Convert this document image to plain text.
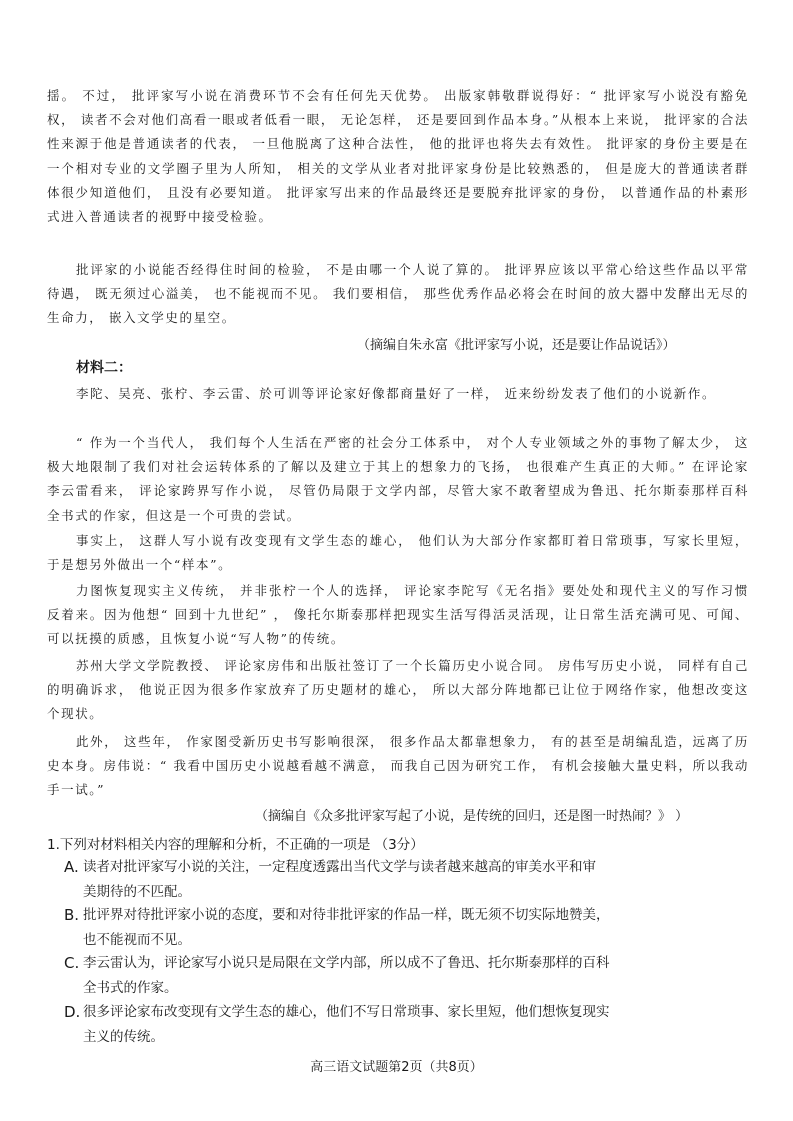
揺。 不过， 批评家写小说在消费环节不会有任何先天优势。 出版家韩敬群说得好：“ 批评家写小说没有豁免权， 读者不会对他们高看一眼或者低看一眼， 无论怎样， 还是要回到作品本身。”从根本上来说， 批评家的合法性来源于他是普通读者的代表， 一旦他脱离了这种合法性， 他的批评也将失去有效性。 批评家的身份主要是在一个相对专业的文学圈子里为人所知， 相关的文学从业者对批评家身份是比较熟悉的， 但是庞大的普通读者群体很少知道他们， 且没有必要知道。 批评家写出来的作品最终还是要脱弃批评家的身份， 以普通作品的朴素形式进入普通读者的视野中接受检验。

批评家的小说能否经得住时间的检验， 不是由哪一个人说了算的。 批评界应该以平常心给这些作品以平常待遇， 既无须过心溢美， 也不能视而不见。 我们要相信， 那些优秀作品必将会在时间的放大器中发酵出无尽的生命力， 嵌入文学史的星空。

（摘编自朱永富《批评家写小说，还是要让作品说话》）
材料二：

李陀、吴亮、张柠、李云雷、於可训等评论家好像都商量好了一样， 近来纷纷发表了他们的小说新作。

“ 作为一个当代人， 我们每个人生活在严密的社会分工体系中， 对个人专业领域之外的事物了解太少， 这极大地限制了我们对社会运转体系的了解以及建立于其上的想象力的飞扬， 也很难产生真正的大师。” 在评论家李云雷看来， 评论家跨界写作小说， 尽管仍局限于文学内部，尽管大家不敢奢望成为鲁迅、托尔斯泰那样百科全书式的作家，但这是一个可贵的尝试。

事实上， 这群人写小说有改变现有文学生态的雄心， 他们认为大部分作家都盯着日常琐事，写家长里短，于是想另外做出一个“样本”。

力图恢复现实主义传统， 并非张柠一个人的选择， 评论家李陀写《无名指》要处处和现代主义的写作习惯反着来。因为他想“ 回到十九世纪” ， 像托尔斯泰那样把现实生活写得活灵活现，让日常生活充满可见、可闻、可以抚摸的质感，且恢复小说“写人物”的传统。

苏州大学文学院教授、 评论家房伟和出版社签订了一个长篇历史小说合同。 房伟写历史小说， 同样有自己的明确诉求， 他说正因为很多作家放弃了历史题材的雄心， 所以大部分阵地都已让位于网络作家，他想改变这个现状。

此外， 这些年， 作家图受新历史书写影响很深， 很多作品太都靠想象力， 有的甚至是胡编乱造，远离了历史本身。房伟说：“ 我看中国历史小说越看越不满意， 而我自己因为研究工作， 有机会接触大量史料，所以我动手一试。”

（摘编自《众多批评家写起了小说，是传统的回归，还是图一时热闹？》 ）
1.下列对材料相关内容的理解和分析，不正确的一项是 （3分）
A. 读者对批评家写小说的关注，一定程度透露出当代文学与读者越来越高的审美水平和审
美期待的不匹配。
B. 批评界对待批评家小说的态度，要和对待非批评家的作品一样，既无须不切实际地赞美，
也不能视而不见。
C. 李云雷认为，评论家写小说只是局限在文学内部，所以成不了鲁迅、托尔斯泰那样的百科
全书式的作家。
D. 很多评论家布改变现有文学生态的雄心，他们不写日常琐事、家长里短，他们想恢复现实
主义的传统。
高三语文试题第2页（共8页）
